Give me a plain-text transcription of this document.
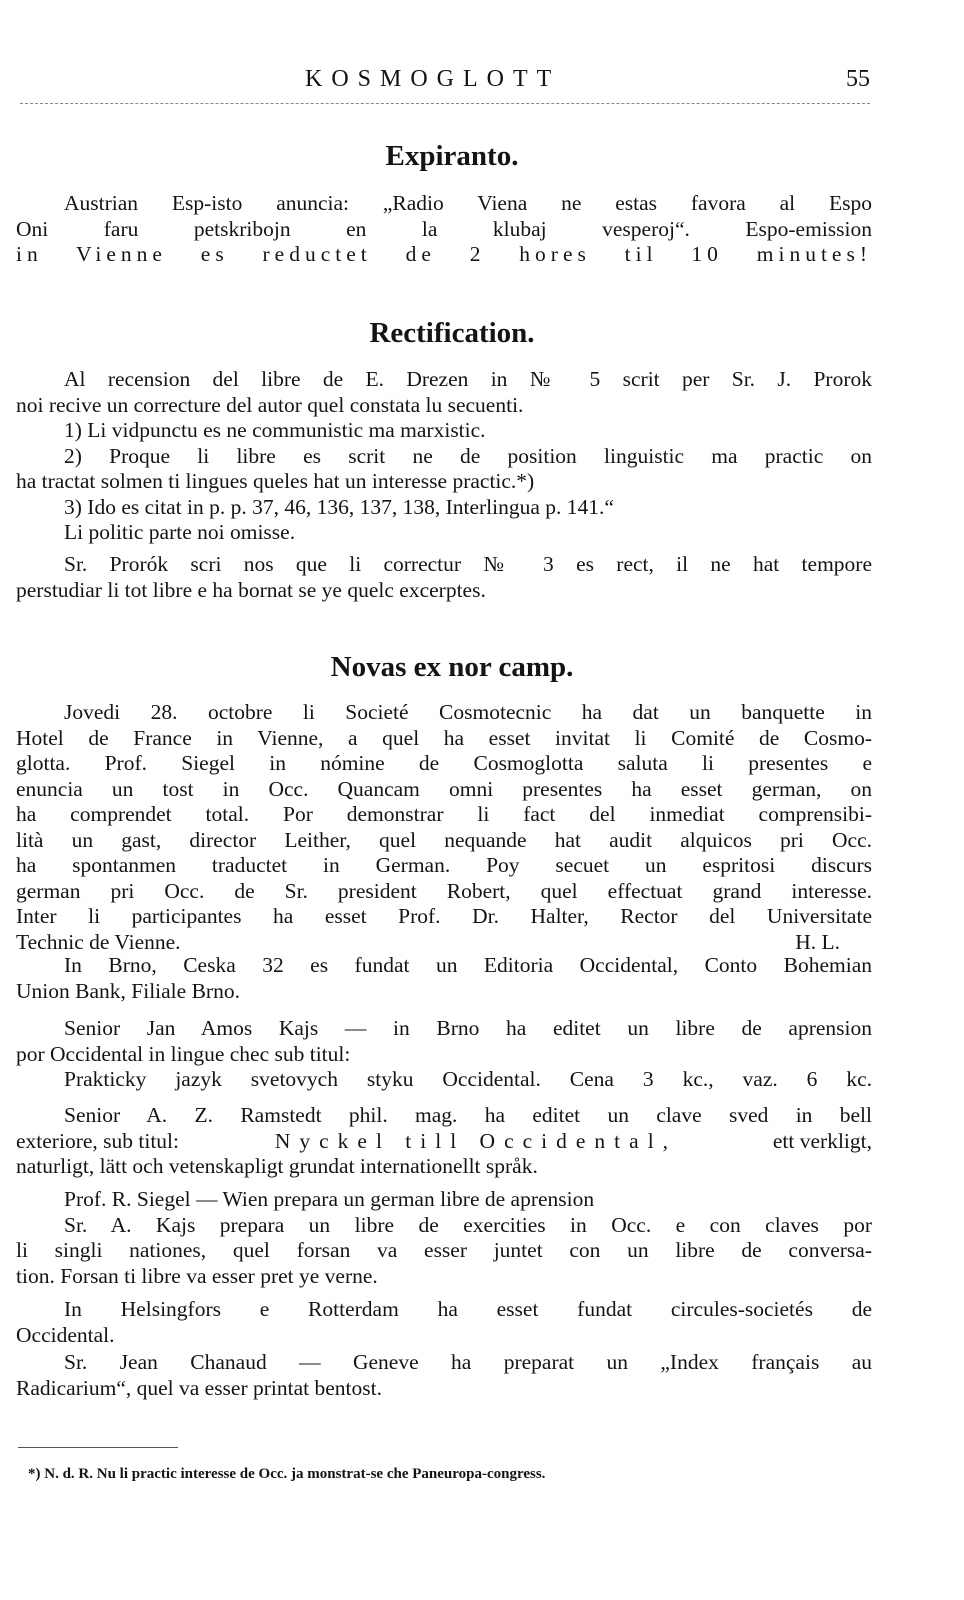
KOSMOGLOTT	55
Expiranto.
Austrian Esp-isto anuncia: „Radio Viena ne estas favora al Espo
Oni faru petskribojn en la klubaj vesperoj“. Espo-emission
in Vienne es reductet de 2 hores til 10 minutes!
Rectification.
Al recension del libre de E. Drezen in № 5 scrit per Sr. J. Prorok
noi recive un correcture del autor quel constata lu secuenti.
1) Li vidpunctu es ne communistic ma marxistic.
2) Proque li libre es scrit ne de position linguistic ma practic on
ha tractat solmen ti lingues queles hat un interesse practic.*)
3) Ido es citat in p. p. 37, 46, 136, 137, 138, Interlingua p. 141.“
Li politic parte noi omisse.
Sr. Prorók scri nos que li correctur № 3 es rect, il ne hat tempore
perstudiar li tot libre e ha bornat se ye quelc excerptes.
Novas ex nor camp.
Jovedi 28. octobre li Societé Cosmotecnic ha dat un banquette in
Hotel de France in Vienne, a quel ha esset invitat li Comité de Cosmo-
glotta. Prof. Siegel in nómine de Cosmoglotta saluta li presentes e
enuncia un tost in Occ. Quancam omni presentes ha esset german, on
ha comprendet total. Por demonstrar li fact del inmediat comprensibi-
lità un gast, director Leither, quel nequande hat audit alquicos pri Occ.
ha spontanmen traductet in German. Poy secuet un espritosi discurs
german pri Occ. de Sr. president Robert, quel effectuat grand interesse.
Inter li participantes ha esset Prof. Dr. Halter, Rector del Universitate
Technic de Vienne.	H. L.
In Brno, Ceska 32 es fundat un Editoria Occidental, Conto Bohemian
Union Bank, Filiale Brno.
Senior Jan Amos Kajs — in Brno ha editet un libre de aprension
por Occidental in lingue chec sub titul:
Prakticky jazyk svetovych styku Occidental. Cena 3 kc., vaz. 6 kc.
Senior A. Z. Ramstedt phil. mag. ha editet un clave sved in bell
exteriore, sub titul:	Nyckel till Occidental,	ett verkligt,
naturligt, lätt och vetenskapligt grundat internationellt språk.
Prof. R. Siegel — Wien prepara un german libre de aprension
Sr. A. Kajs prepara un libre de exercities in Occ. e con claves por
li singli nationes, quel forsan va esser juntet con un libre de conversa-
tion. Forsan ti libre va esser pret ye verne.
In Helsingfors e Rotterdam ha esset fundat circules-societés de
Occidental.
Sr. Jean Chanaud — Geneve ha preparat un „Index français au
Radicarium“, quel va esser printat bentost.
*) N. d. R. Nu li practic interesse de Occ. ja monstrat-se che Paneuropa-congress.
